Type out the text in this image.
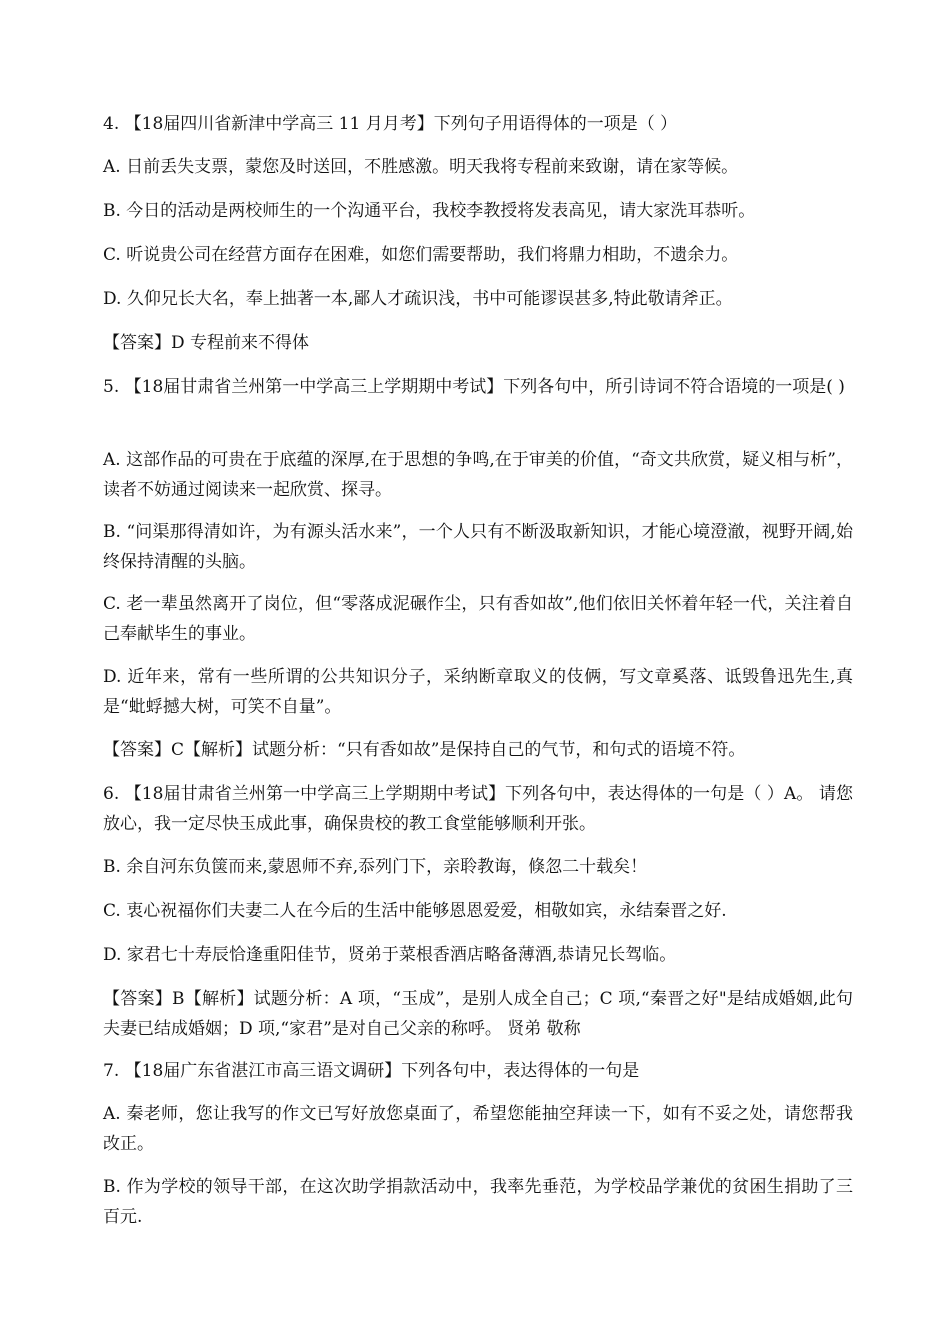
4. 【18届四川省新津中学高三 11 月月考】下列句子用语得体的一项是（ ）

A. 日前丢失支票，蒙您及时送回，不胜感激。明天我将专程前来致谢，请在家等候。

B. 今日的活动是两校师生的一个沟通平台，我校李教授将发表高见，请大家洗耳恭听。

C. 听说贵公司在经营方面存在困难，如您们需要帮助，我们将鼎力相助，不遗余力。

D. 久仰兄长大名，奉上拙著一本,鄙人才疏识浅，书中可能谬误甚多,特此敬请斧正。

【答案】D 专程前来不得体

5. 【18届甘肃省兰州第一中学高三上学期期中考试】下列各句中，所引诗词不符合语境的一项是( )

A. 这部作品的可贵在于底蕴的深厚,在于思想的争鸣,在于审美的价值，“奇文共欣赏，疑义相与析”，读者不妨通过阅读来一起欣赏、探寻。

B. “问渠那得清如许，为有源头活水来”，一个人只有不断汲取新知识，才能心境澄澈，视野开阔,始终保持清醒的头脑。

C. 老一辈虽然离开了岗位，但“零落成泥碾作尘，只有香如故”,他们依旧关怀着年轻一代，关注着自己奉献毕生的事业。

D. 近年来，常有一些所谓的公共知识分子，采纳断章取义的伎俩，写文章奚落、诋毁鲁迅先生,真是“蚍蜉撼大树，可笑不自量”。

【答案】C【解析】试题分析：“只有香如故”是保持自己的气节，和句式的语境不符。

6. 【18届甘肃省兰州第一中学高三上学期期中考试】下列各句中，表达得体的一句是（ ）A。 请您放心，我一定尽快玉成此事，确保贵校的教工食堂能够顺利开张。

B. 余自河东负箧而来,蒙恩师不弃,忝列门下，亲聆教诲，倏忽二十载矣！

C. 衷心祝福你们夫妻二人在今后的生活中能够恩恩爱爱，相敬如宾，永结秦晋之好.

D. 家君七十寿辰恰逢重阳佳节，贤弟于菜根香酒店略备薄酒,恭请兄长驾临。

【答案】B【解析】试题分析：A 项，“玉成”，是别人成全自己；C 项,“秦晋之好"是结成婚姻,此句夫妻已结成婚姻；D 项,“家君”是对自己父亲的称呼。 贤弟 敬称

7. 【18届广东省湛江市高三语文调研】下列各句中，表达得体的一句是

A. 秦老师，您让我写的作文已写好放您桌面了，希望您能抽空拜读一下，如有不妥之处，请您帮我改正。

B. 作为学校的领导干部，在这次助学捐款活动中，我率先垂范，为学校品学兼优的贫困生捐助了三百元.
